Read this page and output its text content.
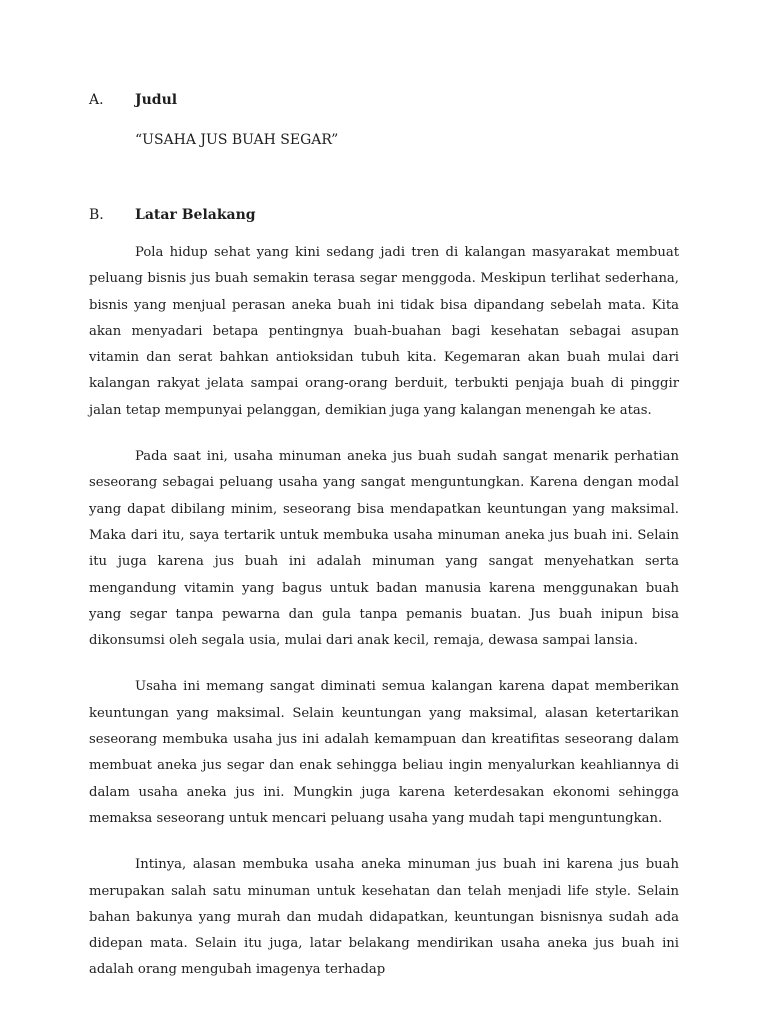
A. Judul
“USAHA JUS BUAH SEGAR”
B. Latar Belakang

Pola hidup sehat yang kini sedang jadi tren di kalangan masyarakat membuat peluang bisnis jus buah semakin terasa segar menggoda. Meskipun terlihat sederhana, bisnis yang menjual perasan aneka buah ini tidak bisa dipandang sebelah mata. Kita akan menyadari betapa pentingnya buah-buahan bagi kesehatan sebagai asupan vitamin dan serat bahkan antioksidan tubuh kita. Kegemaran akan buah mulai dari kalangan rakyat jelata sampai orang-orang berduit, terbukti penjaja buah di pinggir jalan tetap mempunyai pelanggan, demikian juga yang kalangan menengah ke atas.

Pada saat ini, usaha minuman aneka jus buah sudah sangat menarik perhatian seseorang sebagai peluang usaha yang sangat menguntungkan. Karena dengan modal yang dapat dibilang minim, seseorang bisa mendapatkan keuntungan yang maksimal. Maka dari itu, saya tertarik untuk membuka usaha minuman aneka jus buah ini. Selain itu juga karena jus buah ini adalah minuman yang sangat menyehatkan serta mengandung vitamin yang bagus untuk badan manusia karena menggunakan buah yang segar tanpa pewarna dan gula tanpa pemanis buatan. Jus buah inipun bisa dikonsumsi oleh segala usia, mulai dari anak kecil, remaja, dewasa sampai lansia.

Usaha ini memang sangat diminati semua kalangan karena dapat memberikan keuntungan yang maksimal. Selain keuntungan yang maksimal, alasan ketertarikan seseorang membuka usaha jus ini adalah kemampuan dan kreatifitas seseorang dalam membuat aneka jus segar dan enak sehingga beliau ingin menyalurkan keahliannya di dalam usaha aneka jus ini. Mungkin juga karena keterdesakan ekonomi sehingga memaksa seseorang untuk mencari peluang usaha yang mudah tapi menguntungkan.

Intinya, alasan membuka usaha aneka minuman jus buah ini karena jus buah merupakan salah satu minuman untuk kesehatan dan telah menjadi life style. Selain bahan bakunya yang murah dan mudah didapatkan, keuntungan bisnisnya sudah ada didepan mata. Selain itu juga, latar belakang mendirikan usaha aneka jus buah ini adalah orang mengubah imagenya terhadap
